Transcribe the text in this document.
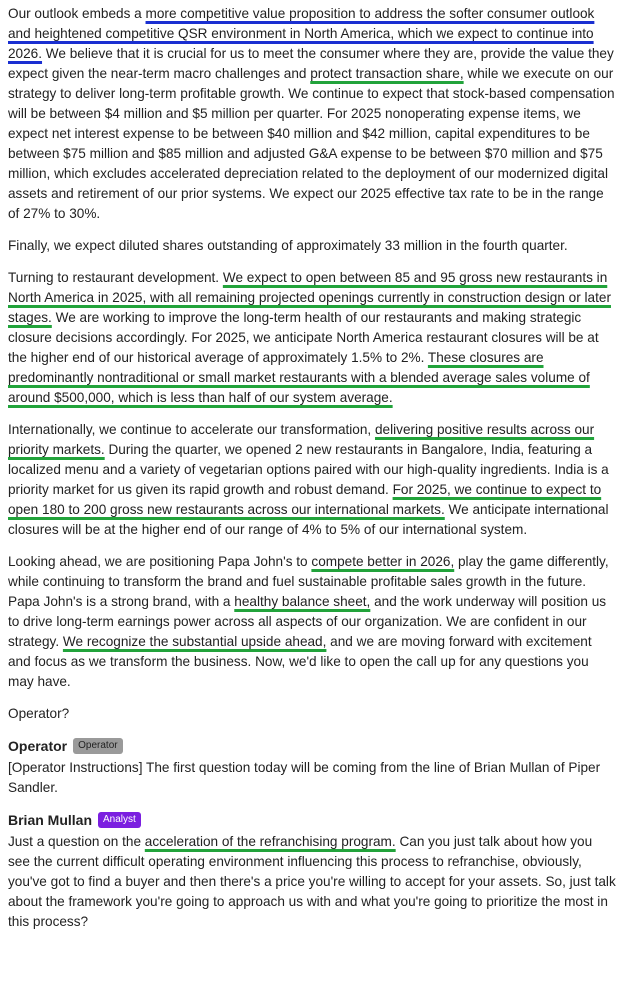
Our outlook embeds a more competitive value proposition to address the softer consumer outlook and heightened competitive QSR environment in North America, which we expect to continue into 2026. We believe that it is crucial for us to meet the consumer where they are, provide the value they expect given the near-term macro challenges and protect transaction share, while we execute on our strategy to deliver long-term profitable growth. We continue to expect that stock-based compensation will be between $4 million and $5 million per quarter. For 2025 nonoperating expense items, we expect net interest expense to be between $40 million and $42 million, capital expenditures to be between $75 million and $85 million and adjusted G&A expense to be between $70 million and $75 million, which excludes accelerated depreciation related to the deployment of our modernized digital assets and retirement of our prior systems. We expect our 2025 effective tax rate to be in the range of 27% to 30%.

Finally, we expect diluted shares outstanding of approximately 33 million in the fourth quarter.

Turning to restaurant development. We expect to open between 85 and 95 gross new restaurants in North America in 2025, with all remaining projected openings currently in construction design or later stages. We are working to improve the long-term health of our restaurants and making strategic closure decisions accordingly. For 2025, we anticipate North America restaurant closures will be at the higher end of our historical average of approximately 1.5% to 2%. These closures are predominantly nontraditional or small market restaurants with a blended average sales volume of around $500,000, which is less than half of our system average.

Internationally, we continue to accelerate our transformation, delivering positive results across our priority markets. During the quarter, we opened 2 new restaurants in Bangalore, India, featuring a localized menu and a variety of vegetarian options paired with our high-quality ingredients. India is a priority market for us given its rapid growth and robust demand. For 2025, we continue to expect to open 180 to 200 gross new restaurants across our international markets. We anticipate international closures will be at the higher end of our range of 4% to 5% of our international system.

Looking ahead, we are positioning Papa John's to compete better in 2026, play the game differently, while continuing to transform the brand and fuel sustainable profitable sales growth in the future. Papa John's is a strong brand, with a healthy balance sheet, and the work underway will position us to drive long-term earnings power across all aspects of our organization. We are confident in our strategy. We recognize the substantial upside ahead, and we are moving forward with excitement and focus as we transform the business. Now, we'd like to open the call up for any questions you may have.

Operator?

Operator	Operator

[Operator Instructions] The first question today will be coming from the line of Brian Mullan of Piper Sandler.

Brian Mullan	Analyst

Just a question on the acceleration of the refranchising program. Can you just talk about how you see the current difficult operating environment influencing this process to refranchise, obviously, you've got to find a buyer and then there's a price you're willing to accept for your assets. So, just talk about the framework you're going to approach us with and what you're going to prioritize the most in this process?
